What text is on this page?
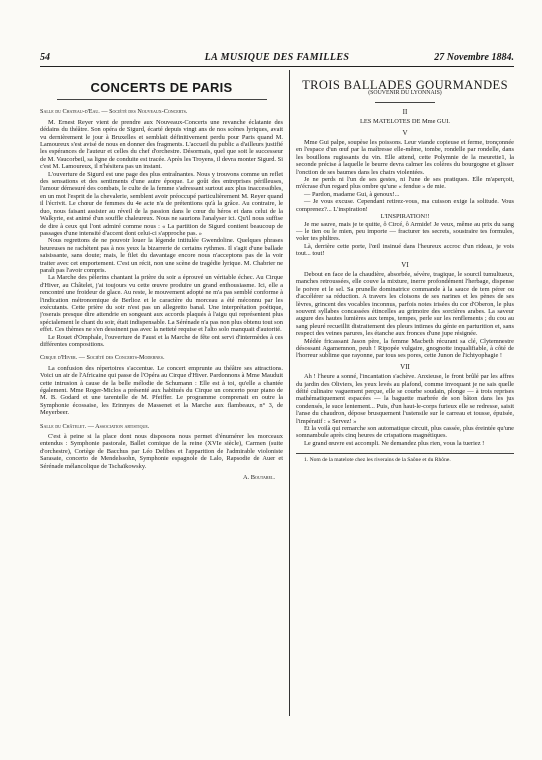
54	LA MUSIQUE DES FAMILLES	27 Novembre 1884.
CONCERTS DE PARIS
Salle du Chateau-d'Eau. — Société des Nouveaux-Concerts.

M. Ernest Reyer vient de prendre aux Nouveaux-Concerts une revanche éclatante des dédains du théâtre. Son opéra de Sigurd, écarté depuis vingt ans de nos scènes lyriques, avait vu dernièrement le jour à Bruxelles et semblait définitivement perdu pour Paris quand M. Lamoureux s'est avisé de nous en donner des fragments. L'accueil du public a d'ailleurs justifié les espérances de l'auteur et celles du chef d'orchestre. Désormais, quel que soit le successeur de M. Vaucorbeil, sa ligne de conduite est tracée. Après les Troyens, il devra monter Sigurd. Si c'est M. Lamoureux, il n'hésitera pas un instant.

L'ouverture de Sigurd est une page des plus entraînantes. Nous y trouvons comme un reflet des sensations et des sentiments d'une autre époque. Le goût des entreprises périlleuses, l'amour démesuré des combats, le culte de la femme s'adressant surtout aux plus inaccessibles, en un mot l'esprit de la chevalerie, semblent avoir préoccupé particulièrement M. Reyer quand il l'écrivit. Le chœur de femmes du 4e acte n'a de prétentions qu'à la grâce. Au contraire, le duo, nous faisant assister au réveil de la passion dans le cœur du héros et dans celui de la Walkyrie, est animé d'un souffle chaleureux. Nous ne saurions l'analyser ici. Qu'il nous suffise de dire à ceux qui l'ont admiré comme nous : « La partition de Sigurd contient beaucoup de passages d'une intensité d'accent dont celui-ci s'approche pas. »

Nous regrettons de ne pouvoir louer la légende intitulée Gwendoline. Quelques phrases heureuses ne rachètent pas à nos yeux la bizarrerie de certains rythmes. Il s'agit d'une ballade saisissante, sans doute; mais, le filet du davantage encore nous n'acceptons pas de la voir traiter avec cet emportement. C'est un récit, non une scène de tragédie lyrique. M. Chabrier ne paraît pas l'avoir compris.

La Marche des pèlerins chantant la prière du soir a éprouvé un véritable échec. Au Cirque d'Hiver, au Châtelet, j'ai toujours vu cette œuvre produire un grand enthousiasme. Ici, elle a rencontré une froideur de glace. Au reste, le mouvement adopté ne m'a pas semblé conforme à l'indication métronomique de Berlioz et le caractère du morceau a été méconnu par les exécutants. Cette prière du soir n'est pas un allegretto banal. Une interprétation poétique, j'oserais presque dire attendrie en songeant aux accords plaqués à l'aigu qui représentent plus spécialement le chant du soir, était indispensable. La Sérénade n'a pas non plus obtenu tout son effet. Ces thèmes ne s'en dessinent pas avec la netteté requise et l'alto solo manquait d'autorité.

Le Rouet d'Omphale, l'ouverture de Faust et la Marche de fête ont servi d'intermèdes à ces différentes compositions.

Cirque d'Hiver. — Société des Concerts-Modernes.

La confusion des répertoires s'accentue. Le concert emprunte au théâtre ses attractions. Voici un air de l'Africaine qui passe de l'Opéra au Cirque d'Hiver. Pardonnons à Mme Mauduit cette intrusion à cause de la belle mélodie de Schumann : Elle est à toi, qu'elle a chantée également. Mme Roger-Miclos a présenté aux habitués du Cirque un concerto pour piano de M. B. Godard et une tarentelle de M. Pfeiffer. Le programme comprenait en outre la Symphonie écossaise, les Erinnyes de Massenet et la Marche aux flambeaux, n° 3, de Meyerbeer.

Salle du Châtelet. — Association artistique.

C'est à peine si la place dont nous disposons nous permet d'énumérer les morceaux entendus : Symphonie pastorale, Ballet comique de la reine (XVIe siècle), Carmen (suite d'orchestre), Cortège de Bacchus par Léo Delibes et l'apparition de l'admirable violoniste Sarasate, concerto de Mendelssohn, Symphonie espagnole de Lalo, Rapsodie de Auer et Sérénade mélancolique de Tschaïkowsky.

A. Boutarel.
TROIS BALLADES GOURMANDES
(SOUVENIR DU LYONNAIS)
II
LES MATELOTES DE Mme GUI.
V

Mme Gui palpe, soupèse les poissons. Leur viande copieuse et ferme, tronçonnée en l'espace d'un œuf par la maîtresse elle-même, tombe, rondelle par rondelle, dans les bouillons rugissants du vin. Elle attend, cette Polymnie de la meurette1, la seconde précise à laquelle le beurre devra calmer les colères du bourgogne et glisser l'onction de ses baumes dans les chairs violentées.

Je ne perds ni l'un de ses gestes, ni l'une de ses pratiques. Elle m'aperçoit, m'écrase d'un regard plus ombre qu'une « fendue » de mie.

— Pardon, madame Gui, à genoux!...

— Je vous excuse. Cependant retirez-vous, ma cuisson exige la solitude. Vous comprenez?... L'inspiration!

L'INSPIRATION!!

Je me sauve, mais je te quitte, ô Circé, ô Armide! Je veux, même au prix du sang — le tien ou le mien, peu importe — fracturer tes secrets, soustraire tes formules, voler tes philtres.

Là, derrière cette porte, l'œil insinué dans l'heureux accroc d'un rideau, je vois tout... tout!

VI

Debout en face de la chaudière, absorbée, sévère, tragique, le sourcil tumultueux, manches retroussées, elle couve la mixture, inerre profondément l'herbage, dispense le poivre et le sel. Sa prunelle dominatrice commande à la sauce de tem pérer ou d'accélérer sa réduction. A travers les cloisons de ses narines et les pènes de ses lèvres, grincent des vocables inconnus, parfois notes irisées du cor d'Oberon, le plus souvent syllabes concassées étincelles au grimoire des sorcières arabes. La saveur augure des hautes lumières aux temps, tempes, perle sur les renflements ; du cou au sang pleuré recueillit distraitement des pleurs intimes du génie en parturition et, sans respect des veines parures, les étanche aux fronces d'une jupe résignée.

Médée fricassant Jason père, la femme Macbeth récurant sa clé, Clytemnestre désossant Agamemnon, peuh ! Ripopée vulgaire, gnognotte inqualifiable, à côté de l'horreur sublime que rayonne, par tous ses pores, cette Junon de l'ichtyophagie !

VII

Ah ! l'heure a sonné, l'incantation s'achève. Anxieuse, le front brûlé par les affres du jardin des Oliviers, les yeux levés au plafond, comme invoquant je ne sais quelle déité culinaire vaguement perçue, elle se courbe soudain, plonge — à trois reprises mathématiquement espacées — la baguette marbrée de son bâton dans les jus condensés, le suce lentement... Puis, d'un haut-le-corps furieux elle se redresse, saisit l'anse du chaudron, dépose brusquement l'ustensile sur le carreau et tousse, épuisée, l'impératif : « Servez! »

Et la voilà qui remarche son automatique circuit, plus cassée, plus éreintée qu'une somnambule après cinq heures de crispations magnétiques.

Le grand œuvre est accompli. Ne demandez plus rien, vous la tueriez !

1. Nom de la matelote chez les riverains de la Saône et du Rhône.
